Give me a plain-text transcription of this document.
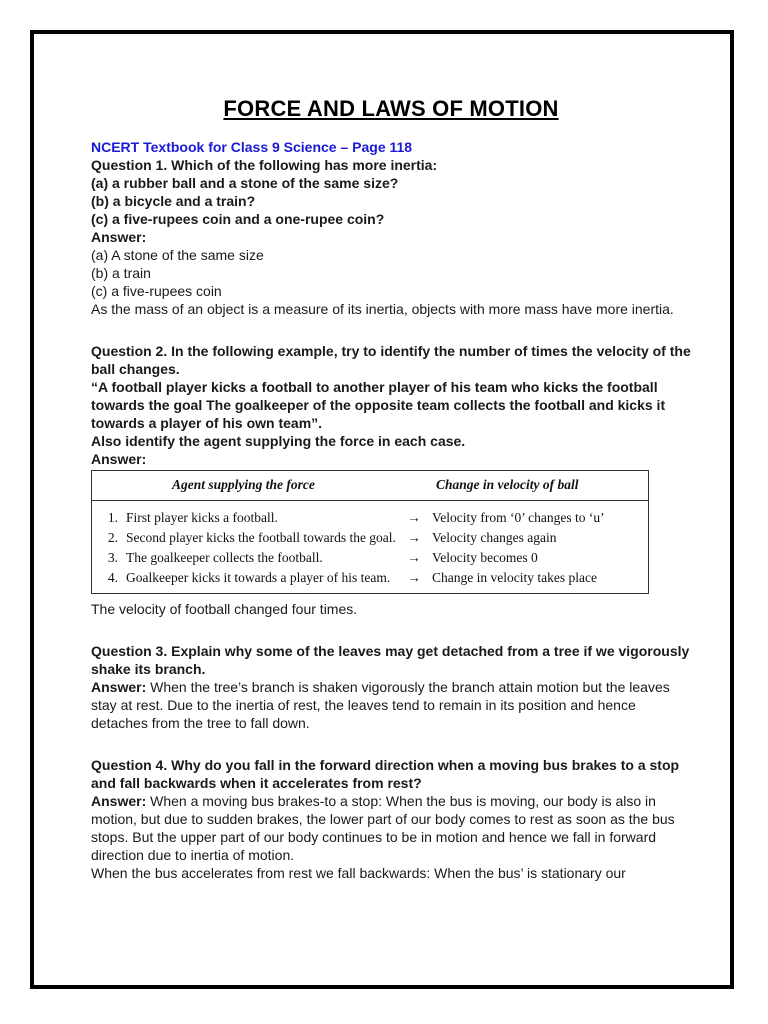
FORCE AND LAWS OF MOTION

NCERT Textbook for Class 9 Science – Page 118

Question 1. Which of the following has more inertia:

(a) a rubber ball and a stone of the same size?

(b) a bicycle and a train?

(c) a five-rupees coin and a one-rupee coin?

Answer:

(a) A stone of the same size

(b) a train

(c) a five-rupees coin

As the mass of an object is a measure of its inertia, objects with more mass have more inertia.

Question 2. In the following example, try to identify the number of times the velocity of the ball changes.

“A football player kicks a football to another player of his team who kicks the football towards the goal The goalkeeper of the opposite team collects the football and kicks it towards a player of his own team”.

Also identify the agent supplying the force in each case.

Answer:

Agent supplying the force		Change in velocity of ball	
1.	First player kicks a football.	→	Velocity from ‘0’ changes to ‘u’
2.	Second player kicks the football towards the goal.	→	Velocity changes again
3.	The goalkeeper collects the football.	→	Velocity becomes 0
4.	Goalkeeper kicks it towards a player of his team.	→	Change in velocity takes place

The velocity of football changed four times.

Question 3. Explain why some of the leaves may get detached from a tree if we vigorously shake its branch.

Answer: When the tree’s branch is shaken vigorously the branch attain motion but the leaves stay at rest. Due to the inertia of rest, the leaves tend to remain in its position and hence detaches from the tree to fall down.

Question 4. Why do you fall in the forward direction when a moving bus brakes to a stop and fall backwards when it accelerates from rest?

Answer: When a moving bus brakes-to a stop: When the bus is moving, our body is also in motion, but due to sudden brakes, the lower part of our body comes to rest as soon as the bus stops. But the upper part of our body continues to be in motion and hence we fall in forward direction due to inertia of motion.

When the bus accelerates from rest we fall backwards: When the bus’ is stationary our
